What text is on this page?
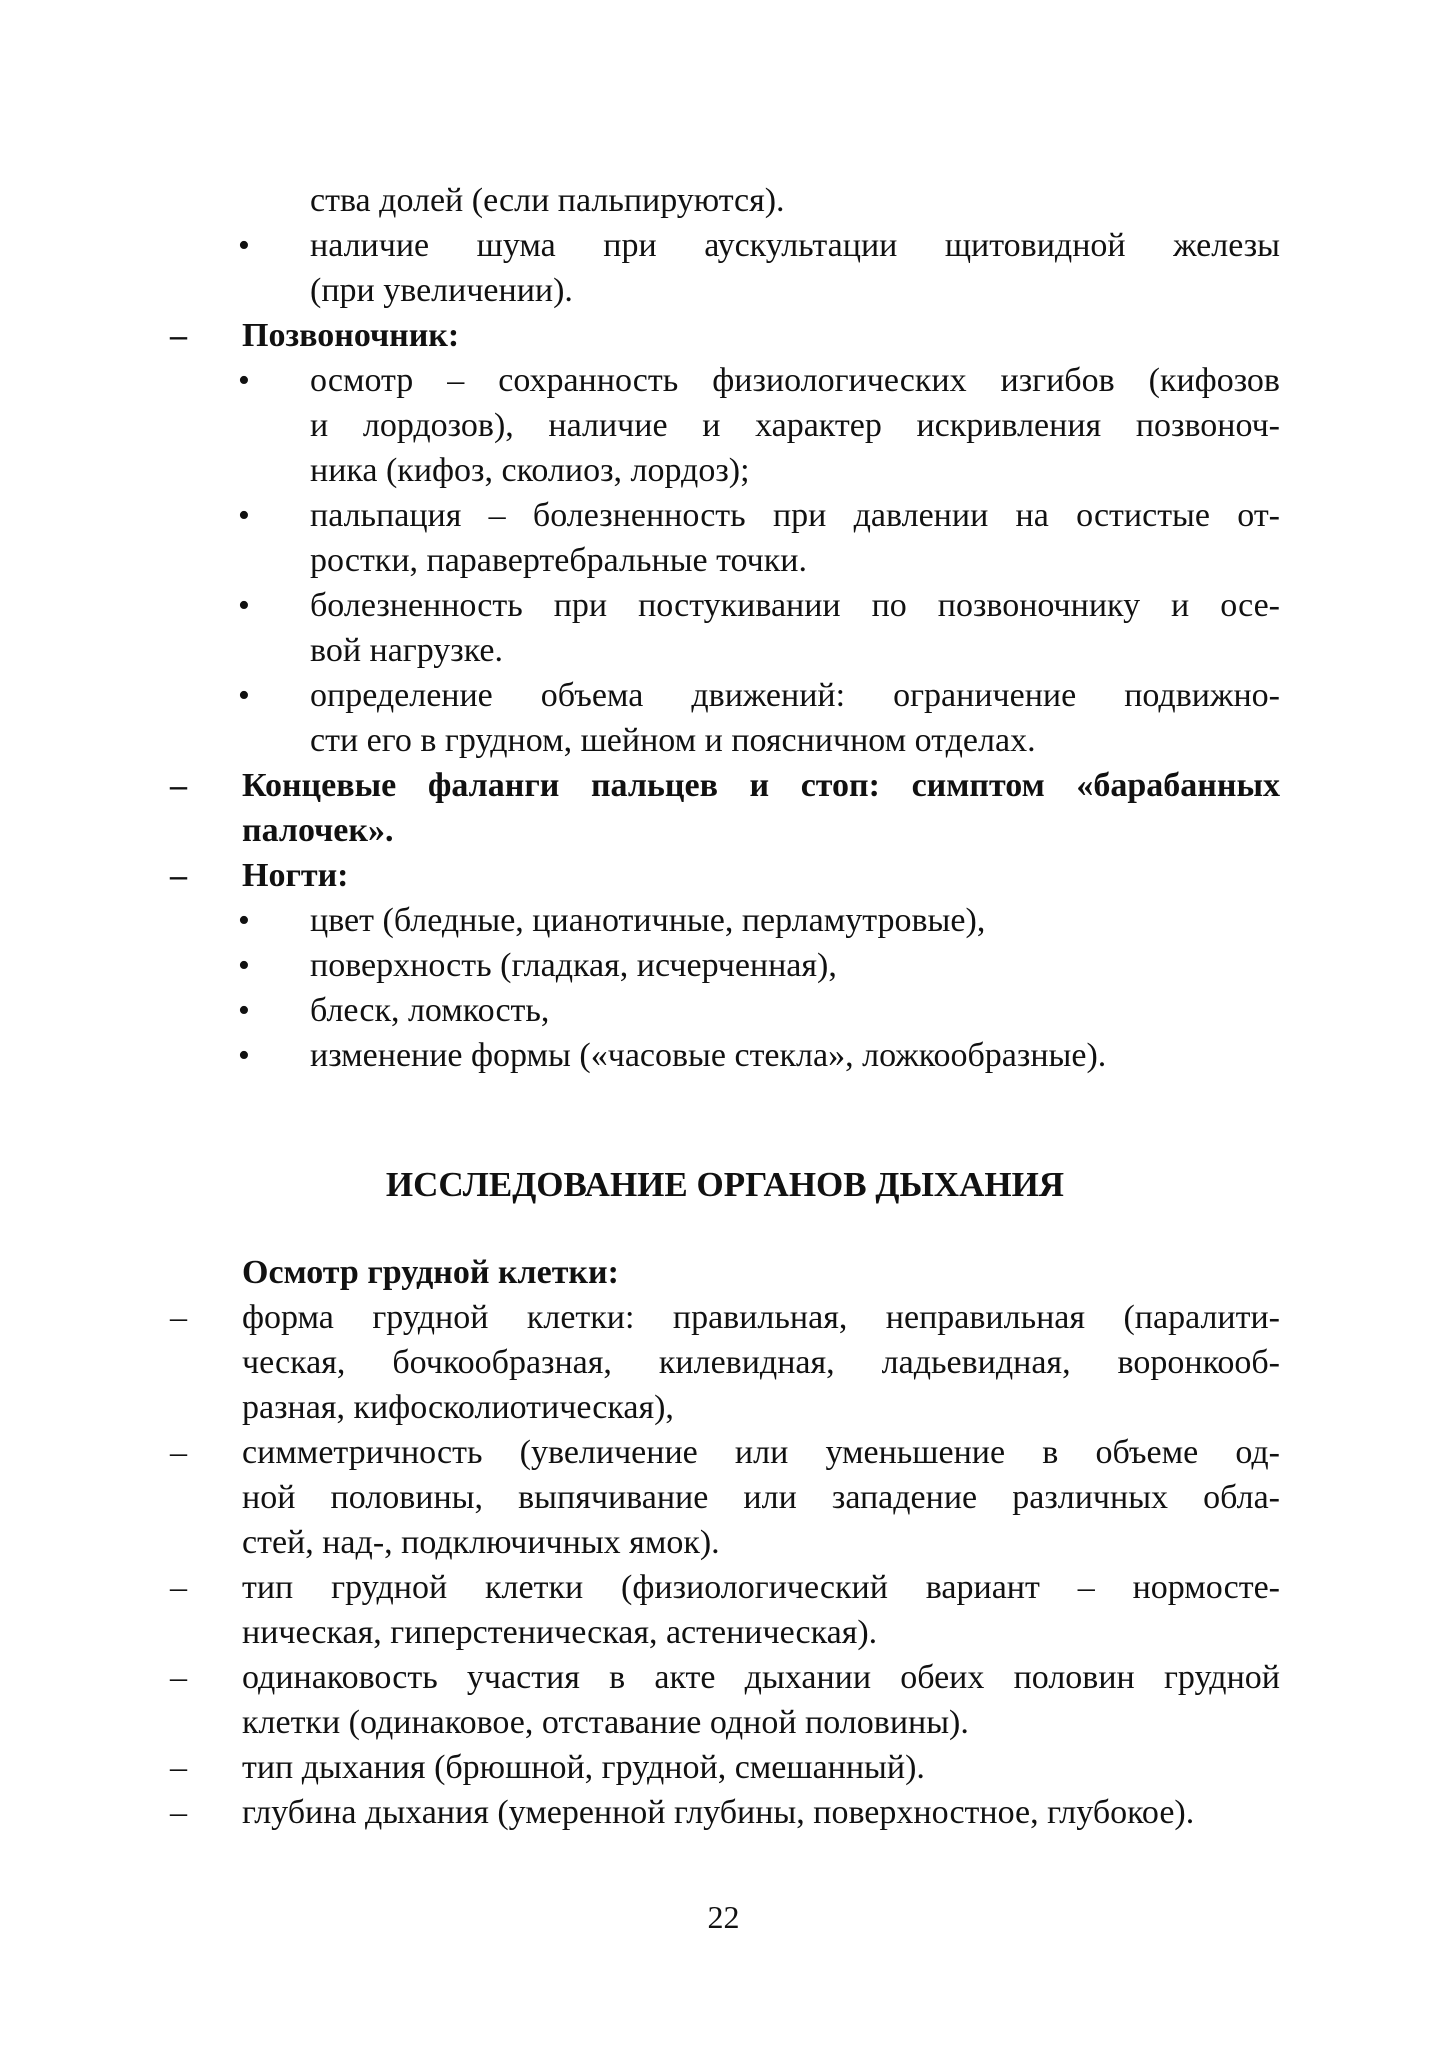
ства долей (если пальпируются).
• наличие шума при аускультации щитовидной железы
(при увеличении).
– Позвоночник:
• осмотр – сохранность физиологических изгибов (кифозов
и лордозов), наличие и характер искривления позвоноч-
ника (кифоз, сколиоз, лордоз);
• пальпация – болезненность при давлении на остистые от-
ростки, паравертебральные точки.
• болезненность при постукивании по позвоночнику и осе-
вой нагрузке.
• определение объема движений: ограничение подвижно-
сти его в грудном, шейном и поясничном отделах.
– Концевые фаланги пальцев и стоп: симптом «барабанных
палочек».
– Ногти:
• цвет (бледные, цианотичные, перламутровые),
• поверхность (гладкая, исчерченная),
• блеск, ломкость,
• изменение формы («часовые стекла», ложкообразные).
ИССЛЕДОВАНИЕ ОРГАНОВ ДЫХАНИЯ
Осмотр грудной клетки:
– форма грудной клетки: правильная, неправильная (паралити-
ческая, бочкообразная, килевидная, ладьевидная, воронкооб-
разная, кифосколиотическая),
– симметричность (увеличение или уменьшение в объеме од-
ной половины, выпячивание или западение различных обла-
стей, над-, подключичных ямок).
– тип грудной клетки (физиологический вариант – нормосте-
ническая, гиперстеническая, астеническая).
– одинаковость участия в акте дыхании обеих половин грудной
клетки (одинаковое, отставание одной половины).
– тип дыхания (брюшной, грудной, смешанный).
– глубина дыхания (умеренной глубины, поверхностное, глубокое).
22
